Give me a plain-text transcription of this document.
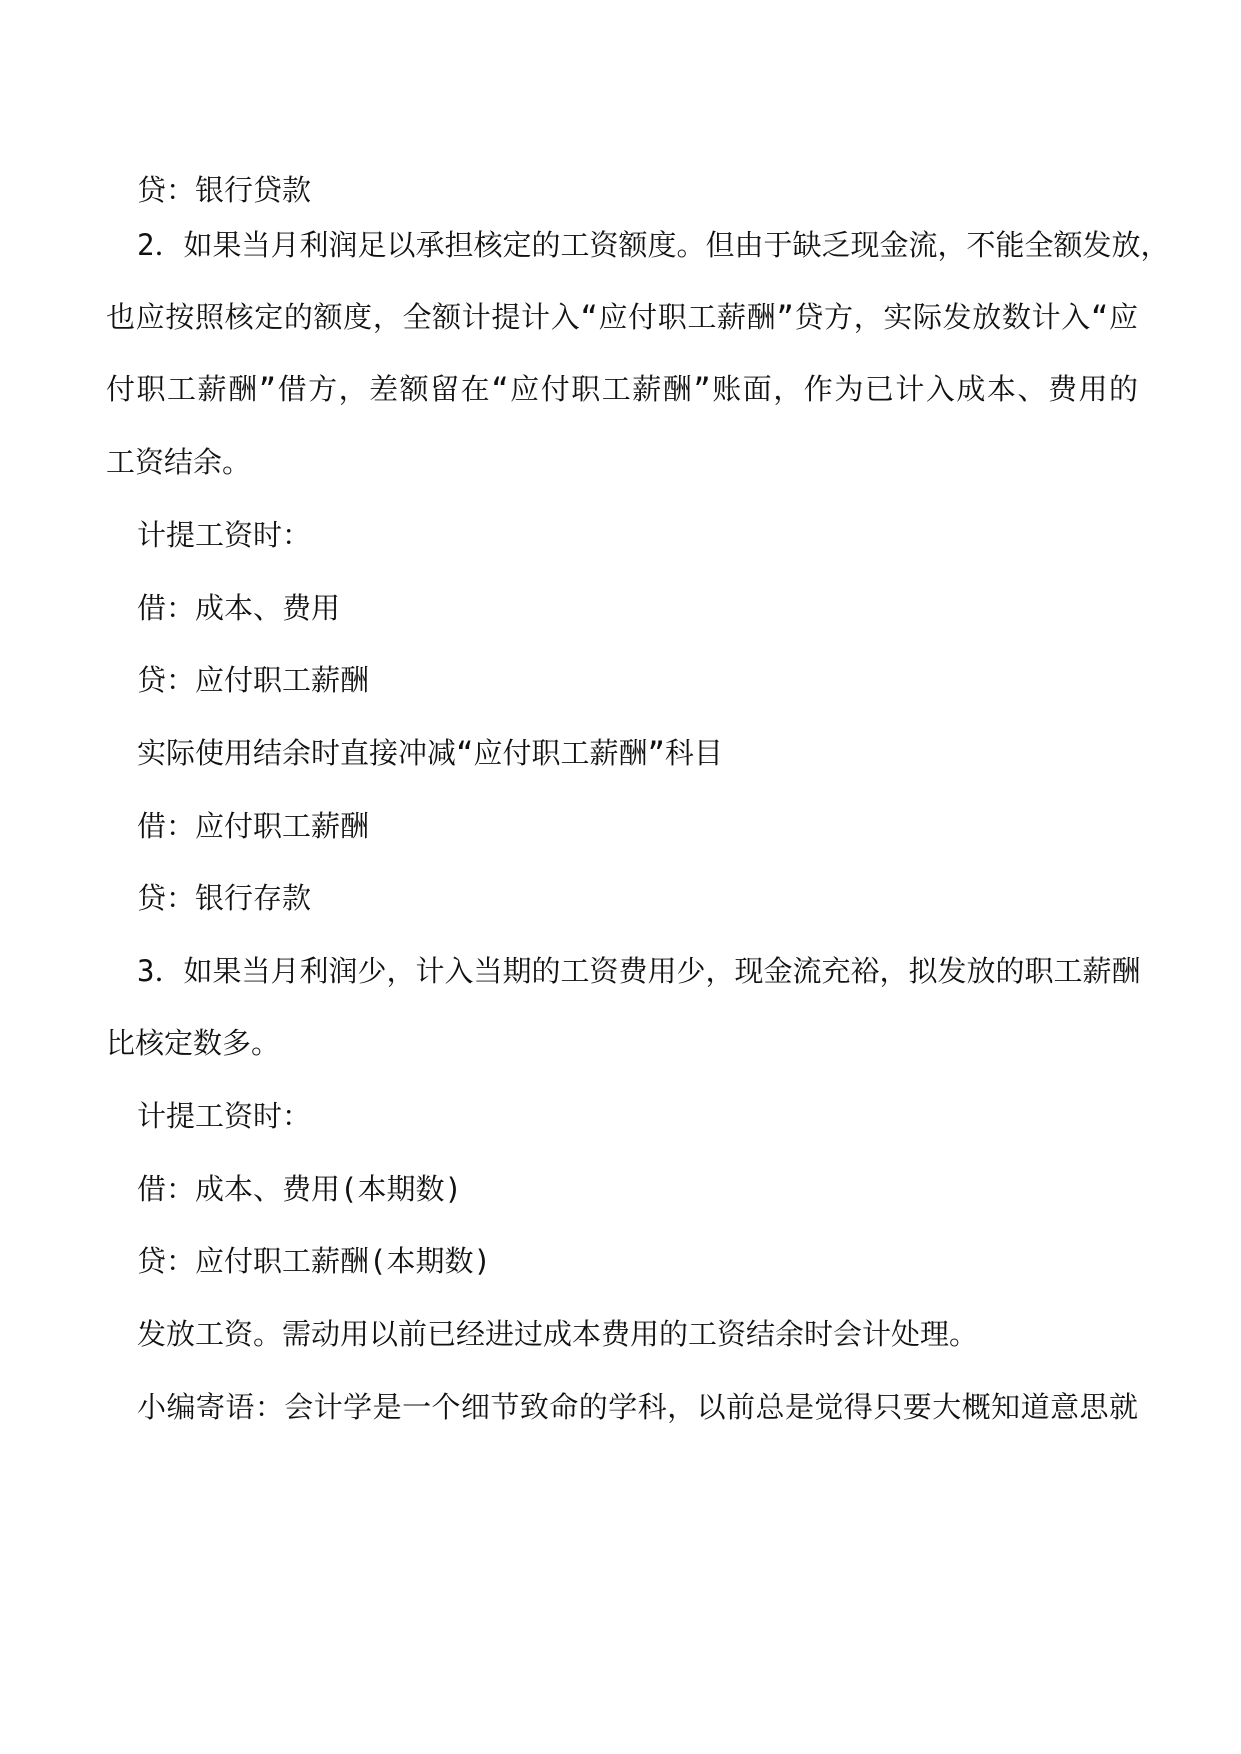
贷：银行贷款
2．如果当月利润足以承担核定的工资额度。但由于缺乏现金流，不能全额发放，
也应按照核定的额度，全额计提计入“应付职工薪酬”贷方，实际发放数计入“应
付职工薪酬”借方，差额留在“应付职工薪酬”账面，作为已计入成本、费用的
工资结余。
计提工资时：
借：成本、费用
贷：应付职工薪酬
实际使用结余时直接冲减“应付职工薪酬”科目
借：应付职工薪酬
贷：银行存款
3．如果当月利润少，计入当期的工资费用少，现金流充裕，拟发放的职工薪酬
比核定数多。
计提工资时：
借：成本、费用(本期数)
贷：应付职工薪酬(本期数)
发放工资。需动用以前已经进过成本费用的工资结余时会计处理。
小编寄语：会计学是一个细节致命的学科，以前总是觉得只要大概知道意思就
